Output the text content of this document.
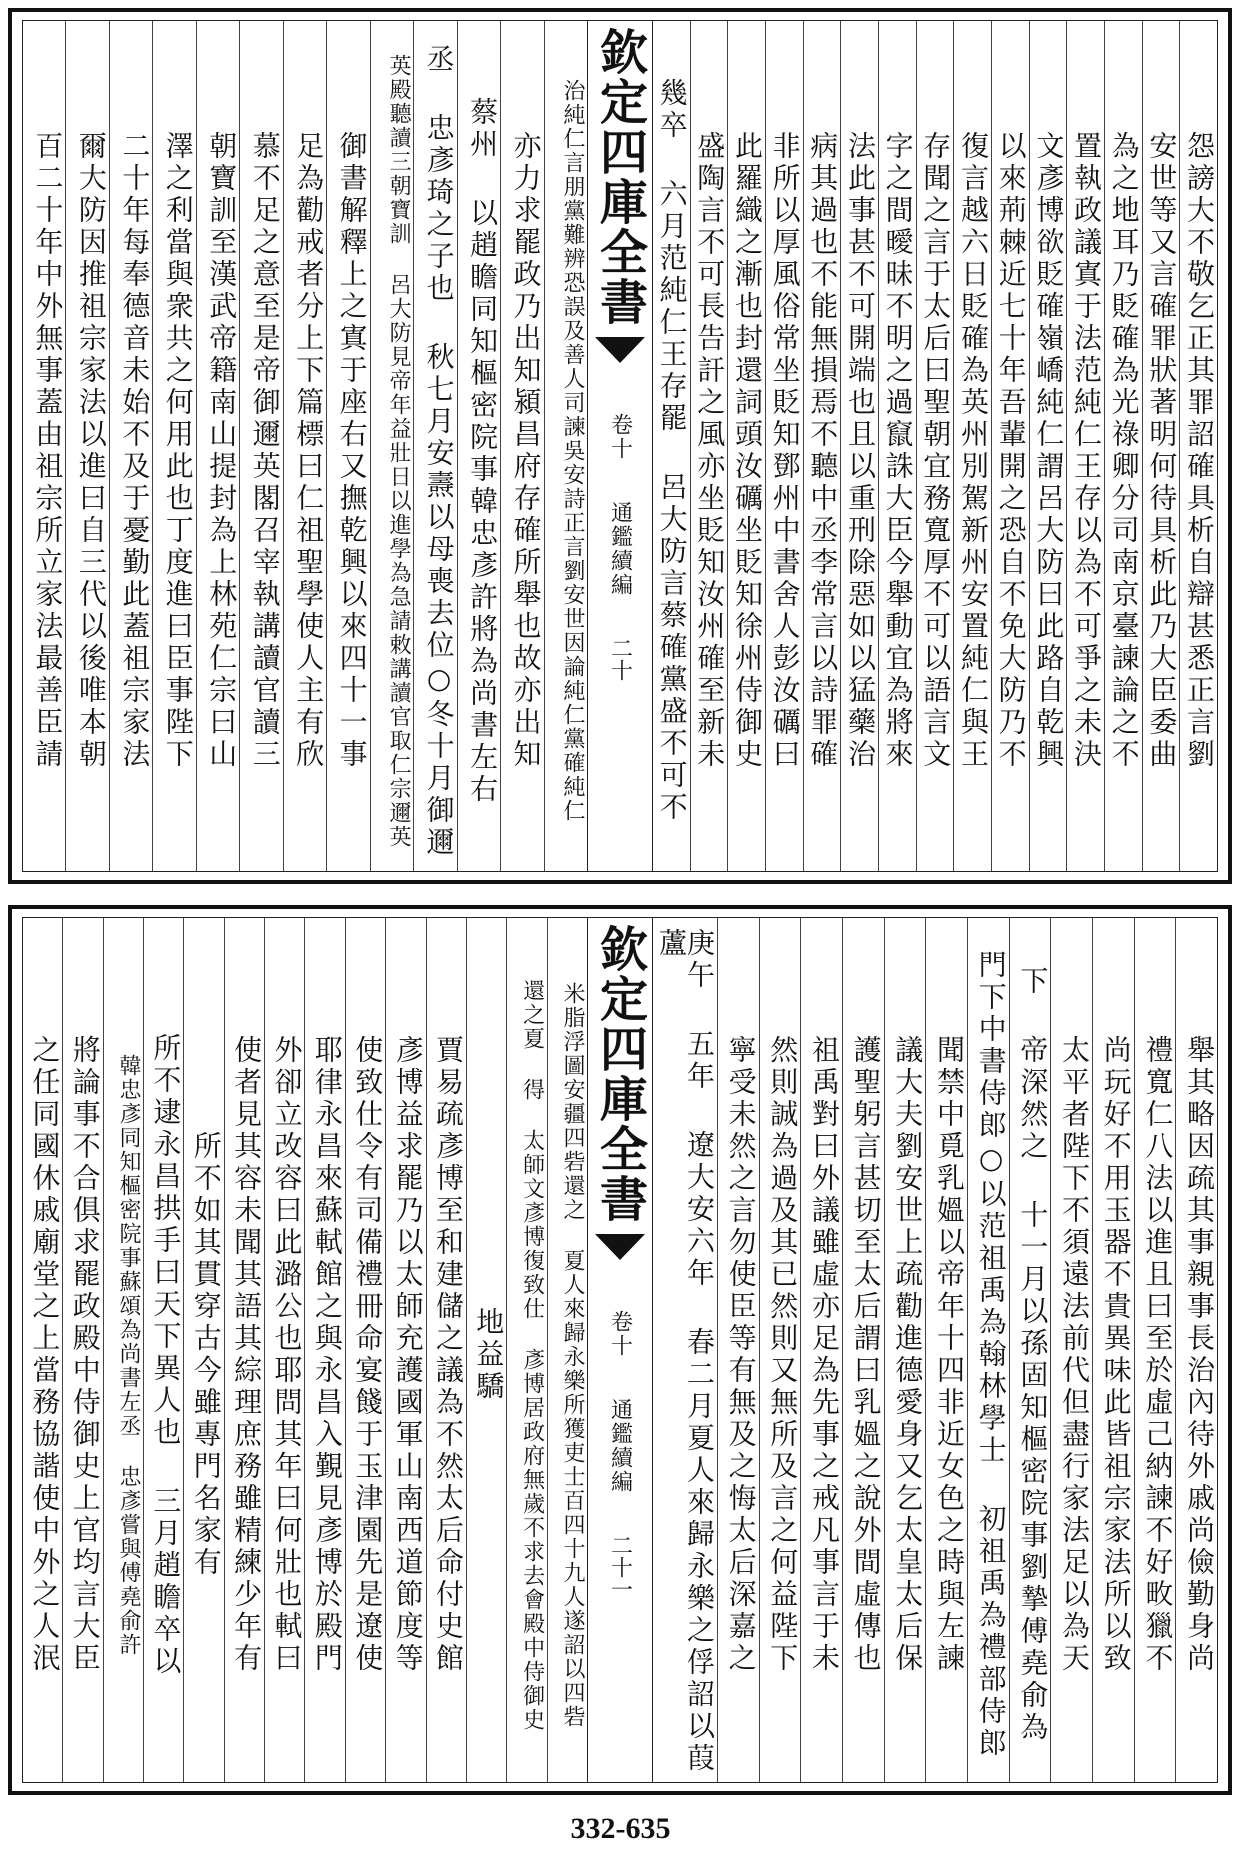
怨謗大不敬乞正其罪詔確具析自辯甚悉正言劉
安世等又言確罪狀著明何待具析此乃大臣委曲
為之地耳乃貶確為光祿卿分司南京臺諫論之不
置執政議寘于法范純仁王存以為不可爭之未決
文彥博欲貶確嶺嶠純仁謂呂大防曰此路自乾興
以來荊棘近七十年吾輩開之恐自不免大防乃不
復言越六日貶確為英州別駕新州安置純仁與王
存聞之言于太后曰聖朝宜務寬厚不可以語言文
字之間曖昧不明之過竄誅大臣今舉動宜為將來
法此事甚不可開端也且以重刑除惡如以猛藥治
病其過也不能無損焉不聽中丞李常言以詩罪確
非所以厚風俗常坐貶知鄧州中書舍人彭汝礪曰
此羅織之漸也封還詞頭汝礪坐貶知徐州侍御史
盛陶言不可長告訐之風亦坐貶知汝州確至新未
幾卒 六月范純仁王存罷 呂大防言蔡確黨盛不可不
欽定四庫全書
卷十
通鑑續編
二十
治純仁言朋黨難辨恐誤及善人司諫吳安詩正言劉安世因論純仁黨確純仁
亦力求罷政乃出知潁昌府存確所舉也故亦出知
蔡州 以趙瞻同知樞密院事韓忠彥許將為尚書左右
丞 忠彥琦之子也 秋七月安燾以母喪去位○冬十月御邇
英殿聽讀三朝寶訓 呂大防見帝年益壯日以進學為急請敕講讀官取仁宗邇英
御書解釋上之寘于座右又撫乾興以來四十一事
足為勸戒者分上下篇標曰仁祖聖學使人主有欣
慕不足之意至是帝御邇英閣召宰執講讀官讀三
朝寶訓至漢武帝籍南山提封為上林苑仁宗曰山
澤之利當與衆共之何用此也丁度進曰臣事陛下
二十年每奉德音未始不及于憂勤此蓋祖宗家法
爾大防因推祖宗家法以進曰自三代以後唯本朝
百二十年中外無事蓋由祖宗所立家法最善臣請
舉其略因疏其事親事長治內待外戚尚儉勤身尚
禮寬仁八法以進且曰至於虛己納諫不好畋獵不
尚玩好不用玉器不貴異味此皆祖宗家法所以致
太平者陛下不須遠法前代但盡行家法足以為天
下 帝深然之 十一月以孫固知樞密院事劉摯傅堯俞為
門下中書侍郎○以范祖禹為翰林學士 初祖禹為禮部侍郎
聞禁中覓乳媼以帝年十四非近女色之時與左諫
議大夫劉安世上疏勸進德愛身又乞太皇太后保
護聖躬言甚切至太后謂曰乳媼之說外間虛傳也
祖禹對曰外議雖虛亦足為先事之戒凡事言于未
然則誠為過及其已然則又無所及言之何益陛下
寧受未然之言勿使臣等有無及之悔太后深嘉之
庚午 五年 遼大安六年 春二月夏人來歸永樂之俘詔以葭蘆
欽定四庫全書
卷十
通鑑續編
二十一
米脂浮圖安疆四砦還之 夏人來歸永樂所獲吏士百四十九人遂詔以四砦
還之夏 得 太師文彥博復致仕 彥博居政府無歲不求去會殿中侍御史
地益驕
賈易疏彥博至和建儲之議為不然太后命付史館
彥博益求罷乃以太師充護國軍山南西道節度等
使致仕令有司備禮冊命宴餞于玉津園先是遼使
耶律永昌來蘇軾館之與永昌入覲見彥博於殿門
外卻立改容曰此潞公也耶問其年曰何壯也軾曰
使者見其容未聞其語其綜理庶務雖精練少年有
所不如其貫穿古今雖專門名家有
所不逮永昌拱手曰天下異人也 三月趙瞻卒以
韓忠彥同知樞密院事蘇頌為尚書左丞 忠彥嘗與傅堯俞許
將論事不合俱求罷政殿中侍御史上官均言大臣
之任同國休戚廟堂之上當務協諧使中外之人泯
332-635
